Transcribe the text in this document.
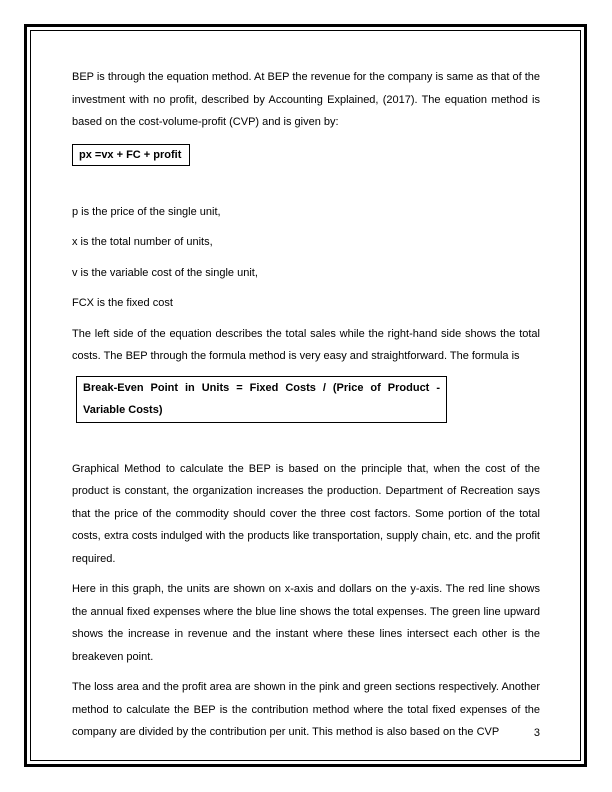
BEP is through the equation method. At BEP the revenue for the company is same as that of the investment with no profit, described by Accounting Explained, (2017). The equation method is based on the cost-volume-profit (CVP) and is given by:

px =vx + FC + profit
p is the price of the single unit,
x is the total number of units,
v is the variable cost of the single unit,
FCX is the fixed cost

The left side of the equation describes the total sales while the right-hand side shows the total costs. The BEP through the formula method is very easy and straightforward. The formula is

Break-Even Point in Units = Fixed Costs / (Price of Product - Variable Costs)

Graphical Method to calculate the BEP is based on the principle that, when the cost of the product is constant, the organization increases the production. Department of Recreation says that the price of the commodity should cover the three cost factors. Some portion of the total costs, extra costs indulged with the products like transportation, supply chain, etc. and the profit required.

Here in this graph, the units are shown on x-axis and dollars on the y-axis. The red line shows the annual fixed expenses where the blue line shows the total expenses. The green line upward shows the increase in revenue and the instant where these lines intersect each other is the breakeven point.

The loss area and the profit area are shown in the pink and green sections respectively. Another method to calculate the BEP is the contribution method where the total fixed expenses of the company are divided by the contribution per unit. This method is also based on the CVP	3
